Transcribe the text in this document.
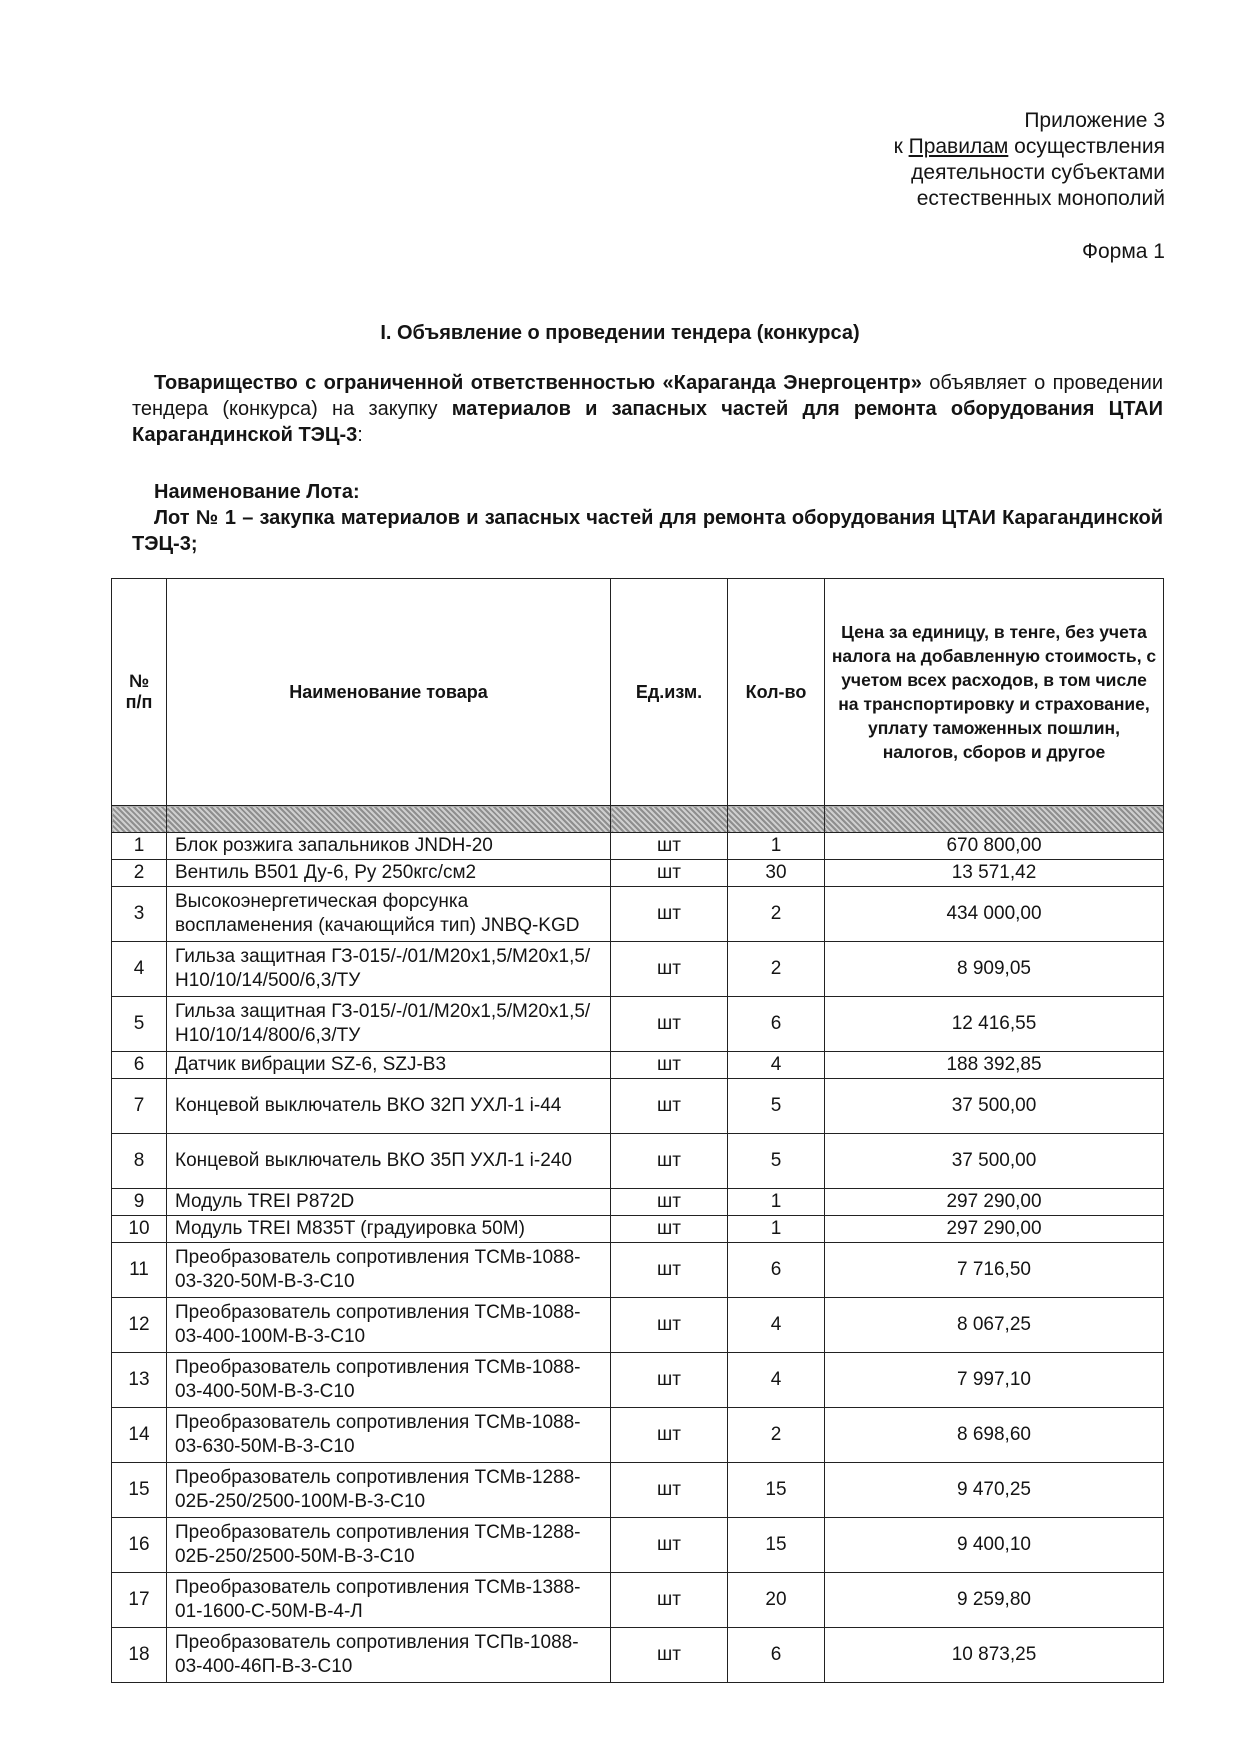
Приложение 3
к Правилам осуществления
деятельности субъектами
естественных монополий
Форма 1
I. Объявление о проведении тендера (конкурса)
Товарищество с ограниченной ответственностью «Караганда Энергоцентр» объявляет о проведении тендера (конкурса) на закупку материалов и запасных частей для ремонта оборудования ЦТАИ Карагандинской ТЭЦ-3:
Наименование Лота:
Лот № 1 – закупка материалов и запасных частей для ремонта оборудования ЦТАИ Карагандинской ТЭЦ-3;
№ п/п	Наименование товара	Ед.изм.	Кол-во	Цена за единицу, в тенге, без учета налога на добавленную стоимость, с учетом всех расходов, в том числе на транспортировку и страхование, уплату таможенных пошлин, налогов, сборов и другое

1	Блок розжига запальников JNDH-20	шт	1	670 800,00
2	Вентиль В501 Ду-6, Ру 250кгс/см2	шт	30	13 571,42
3	Высокоэнергетическая форсунка воспламенения (качающийся тип) JNBQ-KGD	шт	2	434 000,00
4	Гильза защитная ГЗ-015/-/01/М20х1,5/М20х1,5/Н10/10/14/500/6,3/ТУ	шт	2	8 909,05
5	Гильза защитная ГЗ-015/-/01/М20х1,5/М20х1,5/Н10/10/14/800/6,3/ТУ	шт	6	12 416,55
6	Датчик вибрации SZ-6, SZJ-B3	шт	4	188 392,85
7	Концевой выключатель ВКО 32П УХЛ-1 i-44	шт	5	37 500,00
8	Концевой выключатель ВКО 35П УХЛ-1 i-240	шт	5	37 500,00
9	Модуль TREI P872D	шт	1	297 290,00
10	Модуль TREI M835T (градуировка 50М)	шт	1	297 290,00
11	Преобразователь сопротивления ТСМв-1088-03-320-50М-В-3-С10	шт	6	7 716,50
12	Преобразователь сопротивления ТСМв-1088-03-400-100М-В-3-С10	шт	4	8 067,25
13	Преобразователь сопротивления ТСМв-1088-03-400-50М-В-3-С10	шт	4	7 997,10
14	Преобразователь сопротивления ТСМв-1088-03-630-50М-В-3-С10	шт	2	8 698,60
15	Преобразователь сопротивления ТСМв-1288-02Б-250/2500-100М-В-3-С10	шт	15	9 470,25
16	Преобразователь сопротивления ТСМв-1288-02Б-250/2500-50М-В-3-С10	шт	15	9 400,10
17	Преобразователь сопротивления ТСМв-1388-01-1600-С-50М-В-4-Л	шт	20	9 259,80
18	Преобразователь сопротивления ТСПв-1088-03-400-46П-В-3-С10	шт	6	10 873,25
